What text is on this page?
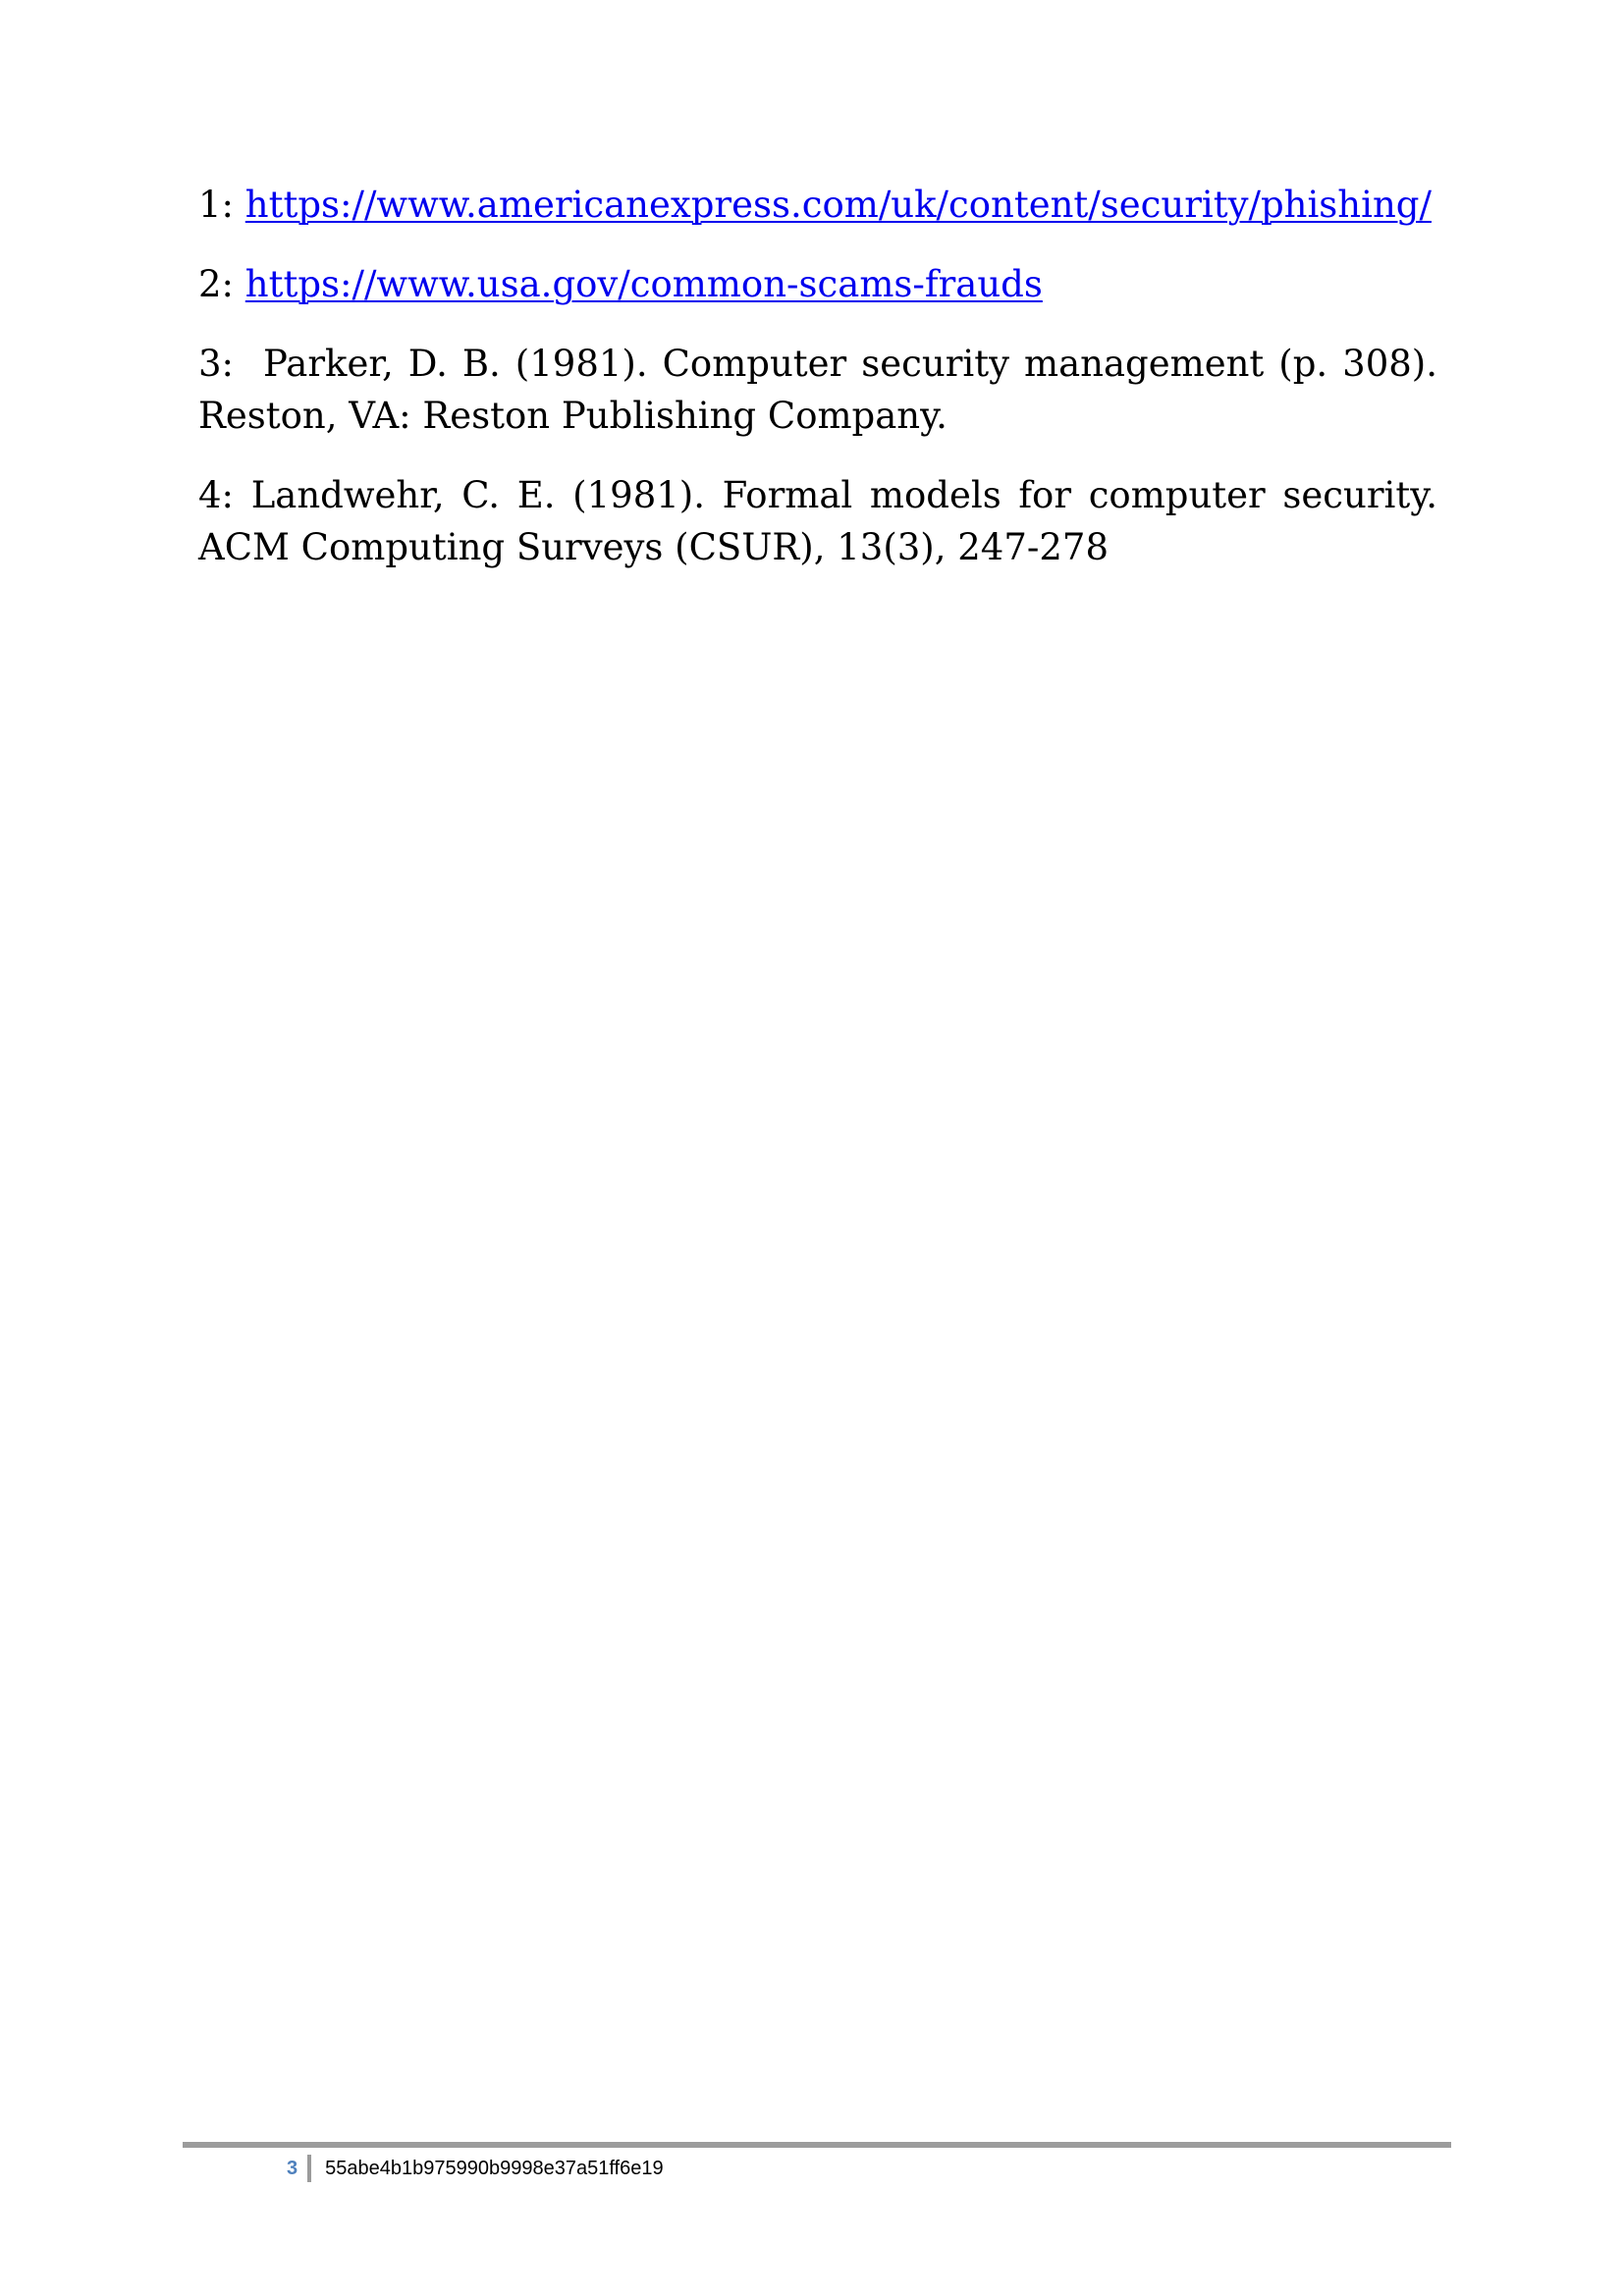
1: https://www.americanexpress.com/uk/content/security/phishing/

2: https://www.usa.gov/common-scams-frauds

3: Parker, D. B. (1981). Computer security management (p. 308). Reston, VA: Reston Publishing Company.

4: Landwehr, C. E. (1981). Formal models for computer security. ACM Computing Surveys (CSUR), 13(3), 247-278

3 55abe4b1b975990b9998e37a51ff6e19
